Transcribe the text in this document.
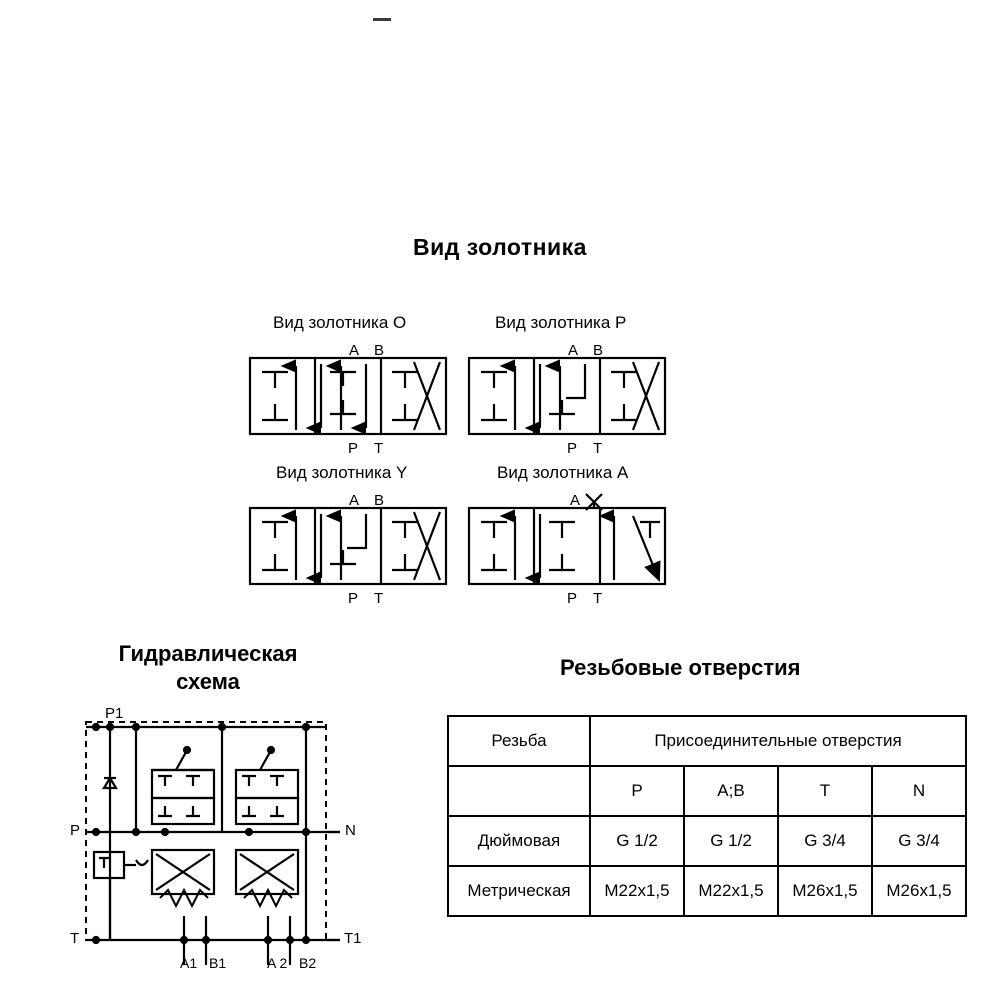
Вид золотника
Вид золотника O	Вид золотника P
Вид золотника Y	Вид золотника A
A B
P T
A B
P T
A B
P T
A
P T
Гидравлическая
схема
P1
P
T
N
T1
A1 B1	A 2 B2
Резьбовые отверстия
Резьба	Присоединительные отверстия			
	P	A;B	T	N
Дюймовая	G 1/2	G 1/2	G 3/4	G 3/4
Метрическая	M22x1,5	M22x1,5	M26x1,5	M26x1,5
